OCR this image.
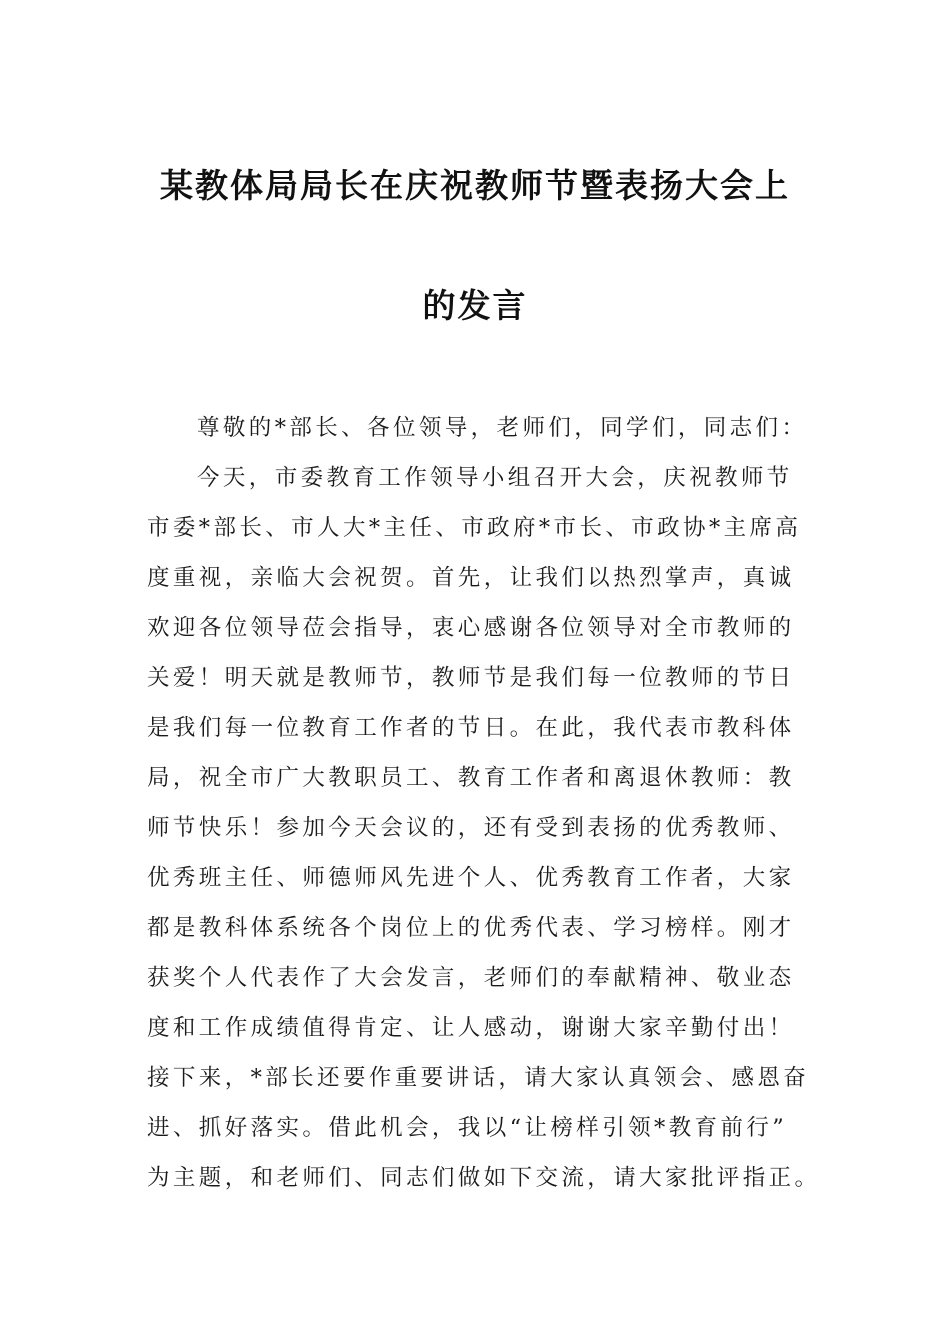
某教体局局长在庆祝教师节暨表扬大会上
的发言
尊敬的*部长、各位领导，老师们，同学们，同志们：
今天，市委教育工作领导小组召开大会，庆祝教师节
市委*部长、市人大*主任、市政府*市长、市政协*主席高
度重视，亲临大会祝贺。首先，让我们以热烈掌声，真诚
欢迎各位领导莅会指导，衷心感谢各位领导对全市教师的
关爱！明天就是教师节，教师节是我们每一位教师的节日
是我们每一位教育工作者的节日。在此，我代表市教科体
局，祝全市广大教职员工、教育工作者和离退休教师：教
师节快乐！参加今天会议的，还有受到表扬的优秀教师、
优秀班主任、师德师风先进个人、优秀教育工作者，大家
都是教科体系统各个岗位上的优秀代表、学习榜样。刚才
获奖个人代表作了大会发言，老师们的奉献精神、敬业态
度和工作成绩值得肯定、让人感动，谢谢大家辛勤付出！
接下来，*部长还要作重要讲话，请大家认真领会、感恩奋
进、抓好落实。借此机会，我以“让榜样引领*教育前行”
为主题，和老师们、同志们做如下交流，请大家批评指正。
